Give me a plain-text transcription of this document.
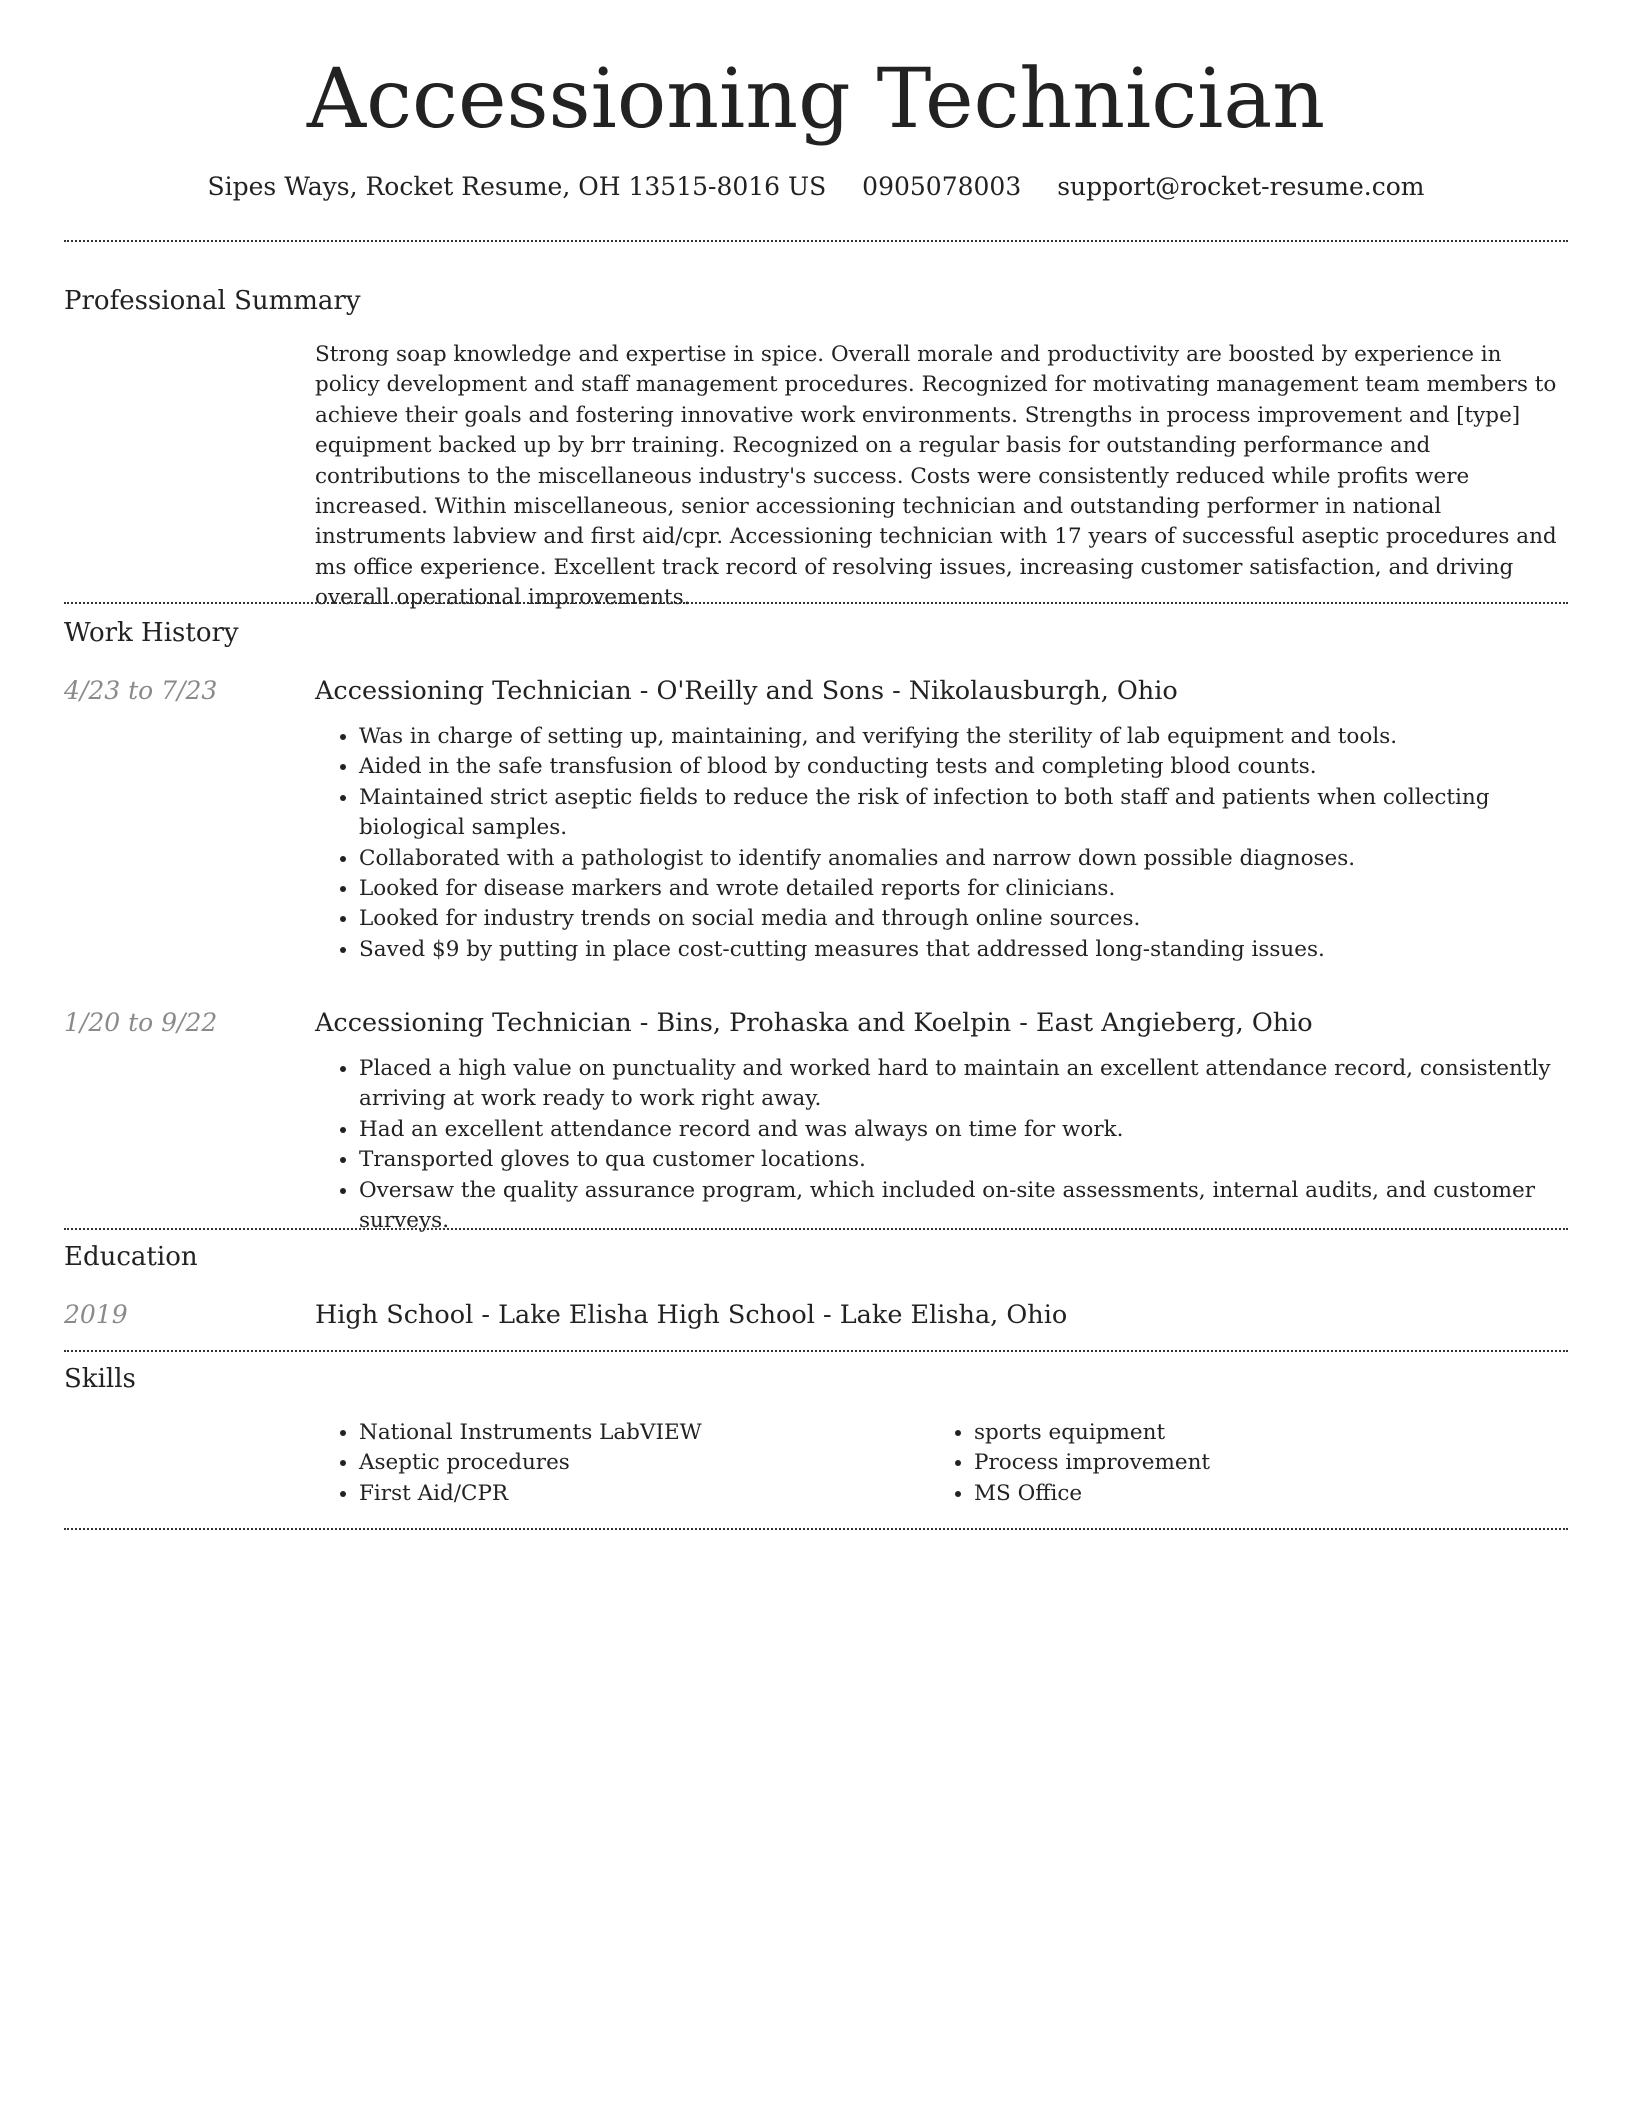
Accessioning Technician
Sipes Ways, Rocket Resume, OH 13515-8016 US 0905078003 support@rocket-resume.com
Professional Summary

Strong soap knowledge and expertise in spice. Overall morale and productivity are boosted by experience in policy development and staff management procedures. Recognized for motivating management team members to achieve their goals and fostering innovative work environments. Strengths in process improvement and [type] equipment backed up by brr training. Recognized on a regular basis for outstanding performance and contributions to the miscellaneous industry's success. Costs were consistently reduced while profits were increased. Within miscellaneous, senior accessioning technician and outstanding performer in national instruments labview and first aid/cpr. Accessioning technician with 17 years of successful aseptic procedures and ms office experience. Excellent track record of resolving issues, increasing customer satisfaction, and driving overall operational improvements.

Work History
4/23 to 7/23	Accessioning Technician - O'Reilly and Sons - Nikolausburgh, Ohio

• Was in charge of setting up, maintaining, and verifying the sterility of lab equipment and tools.
• Aided in the safe transfusion of blood by conducting tests and completing blood counts.
• Maintained strict aseptic fields to reduce the risk of infection to both staff and patients when collecting biological samples.
• Collaborated with a pathologist to identify anomalies and narrow down possible diagnoses.
• Looked for disease markers and wrote detailed reports for clinicians.
• Looked for industry trends on social media and through online sources.
• Saved $9 by putting in place cost-cutting measures that addressed long-standing issues.
1/20 to 9/22	Accessioning Technician - Bins, Prohaska and Koelpin - East Angieberg, Ohio

• Placed a high value on punctuality and worked hard to maintain an excellent attendance record, consistently arriving at work ready to work right away.
• Had an excellent attendance record and was always on time for work.
• Transported gloves to qua customer locations.
• Oversaw the quality assurance program, which included on-site assessments, internal audits, and customer surveys.
Education
2019	High School - Lake Elisha High School - Lake Elisha, Ohio

Skills
• National Instruments LabVIEW
• Aseptic procedures
• First Aid/CPR
• sports equipment
• Process improvement
• MS Office
